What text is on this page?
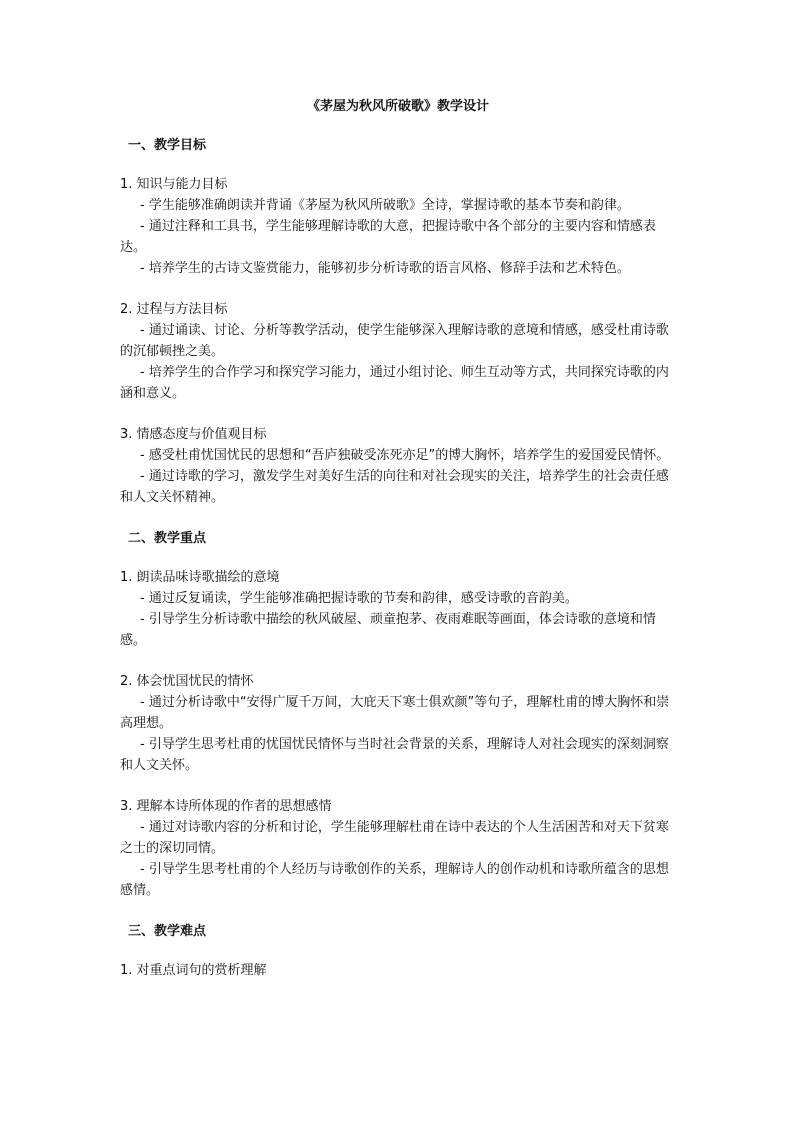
《茅屋为秋风所破歌》教学设计
一、教学目标

1. 知识与能力目标

- 学生能够准确朗读并背诵《茅屋为秋风所破歌》全诗，掌握诗歌的基本节奏和韵律。

- 通过注释和工具书，学生能够理解诗歌的大意，把握诗歌中各个部分的主要内容和情感表达。

- 培养学生的古诗文鉴赏能力，能够初步分析诗歌的语言风格、修辞手法和艺术特色。

2. 过程与方法目标

- 通过诵读、讨论、分析等教学活动，使学生能够深入理解诗歌的意境和情感，感受杜甫诗歌的沉郁顿挫之美。

- 培养学生的合作学习和探究学习能力，通过小组讨论、师生互动等方式，共同探究诗歌的内涵和意义。

3. 情感态度与价值观目标

- 感受杜甫忧国忧民的思想和“吾庐独破受冻死亦足”的博大胸怀，培养学生的爱国爱民情怀。

- 通过诗歌的学习，激发学生对美好生活的向往和对社会现实的关注，培养学生的社会责任感和人文关怀精神。

二、教学重点

1. 朗读品味诗歌描绘的意境

- 通过反复诵读，学生能够准确把握诗歌的节奏和韵律，感受诗歌的音韵美。

- 引导学生分析诗歌中描绘的秋风破屋、顽童抱茅、夜雨难眠等画面，体会诗歌的意境和情感。

2. 体会忧国忧民的情怀

- 通过分析诗歌中“安得广厦千万间，大庇天下寒士俱欢颜”等句子，理解杜甫的博大胸怀和崇高理想。

- 引导学生思考杜甫的忧国忧民情怀与当时社会背景的关系，理解诗人对社会现实的深刻洞察和人文关怀。

3. 理解本诗所体现的作者的思想感情

- 通过对诗歌内容的分析和讨论，学生能够理解杜甫在诗中表达的个人生活困苦和对天下贫寒之士的深切同情。

- 引导学生思考杜甫的个人经历与诗歌创作的关系，理解诗人的创作动机和诗歌所蕴含的思想感情。

三、教学难点

1. 对重点词句的赏析理解
